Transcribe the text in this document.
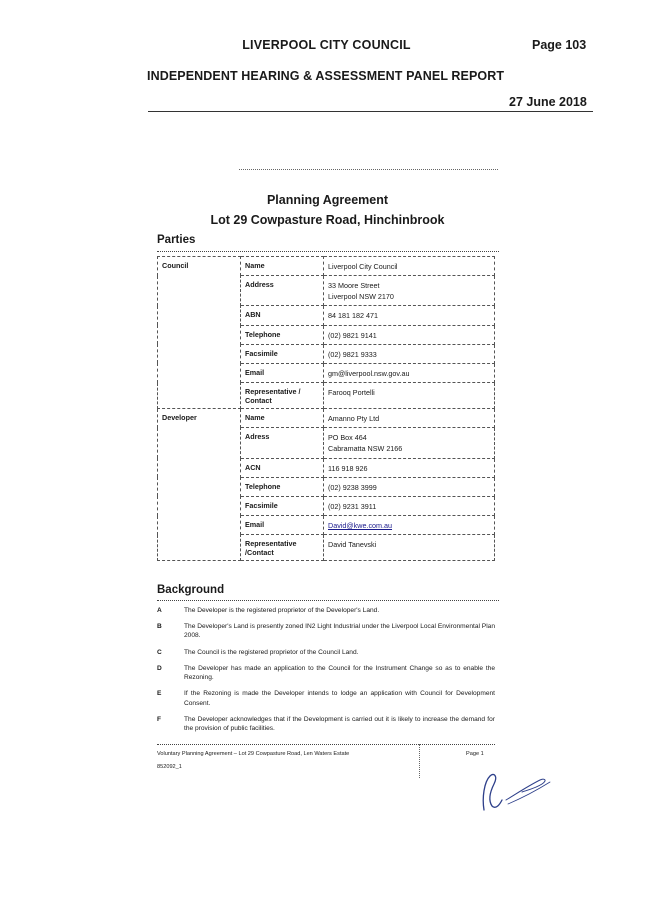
LIVERPOOL CITY COUNCIL	Page 103
INDEPENDENT HEARING & ASSESSMENT PANEL REPORT
27 June 2018
Planning Agreement
Lot 29 Cowpasture Road, Hinchinbrook
Parties
Council	Name	Liverpool City Council
	Address	33 Moore Street
Liverpool NSW 2170

	ABN	84 181 182 471
	Telephone	(02) 9821 9141
	Facsimile	(02) 9821 9333
	Email	gm@liverpool.nsw.gov.au
	Representative / Contact	Farooq Portelli
Developer	Name	Amanno Pty Ltd
	Adress	PO Box 464
Cabramatta NSW 2166

	ACN	116 918 926
	Telephone	(02) 9238 3999
	Facsimile	(02) 9231 3911
	Email	David@kwe.com.au
	Representative /Contact	David Tanevski
Background
A	The Developer is the registered proprietor of the Developer's Land.
B	The Developer's Land is presently zoned IN2 Light Industrial under the Liverpool Local Environmental Plan 2008.
C	The Council is the registered proprietor of the Council Land.
D	The Developer has made an application to the Council for the Instrument Change so as to enable the Rezoning.
E	If the Rezoning is made the Developer intends to lodge an application with Council for Development Consent.
F	The Developer acknowledges that if the Development is carried out it is likely to increase the demand for the provision of public facilities.
Voluntary Planning Agreement – Lot 29 Cowpasture Road, Len Waters Estate	Page 1
852092_1
